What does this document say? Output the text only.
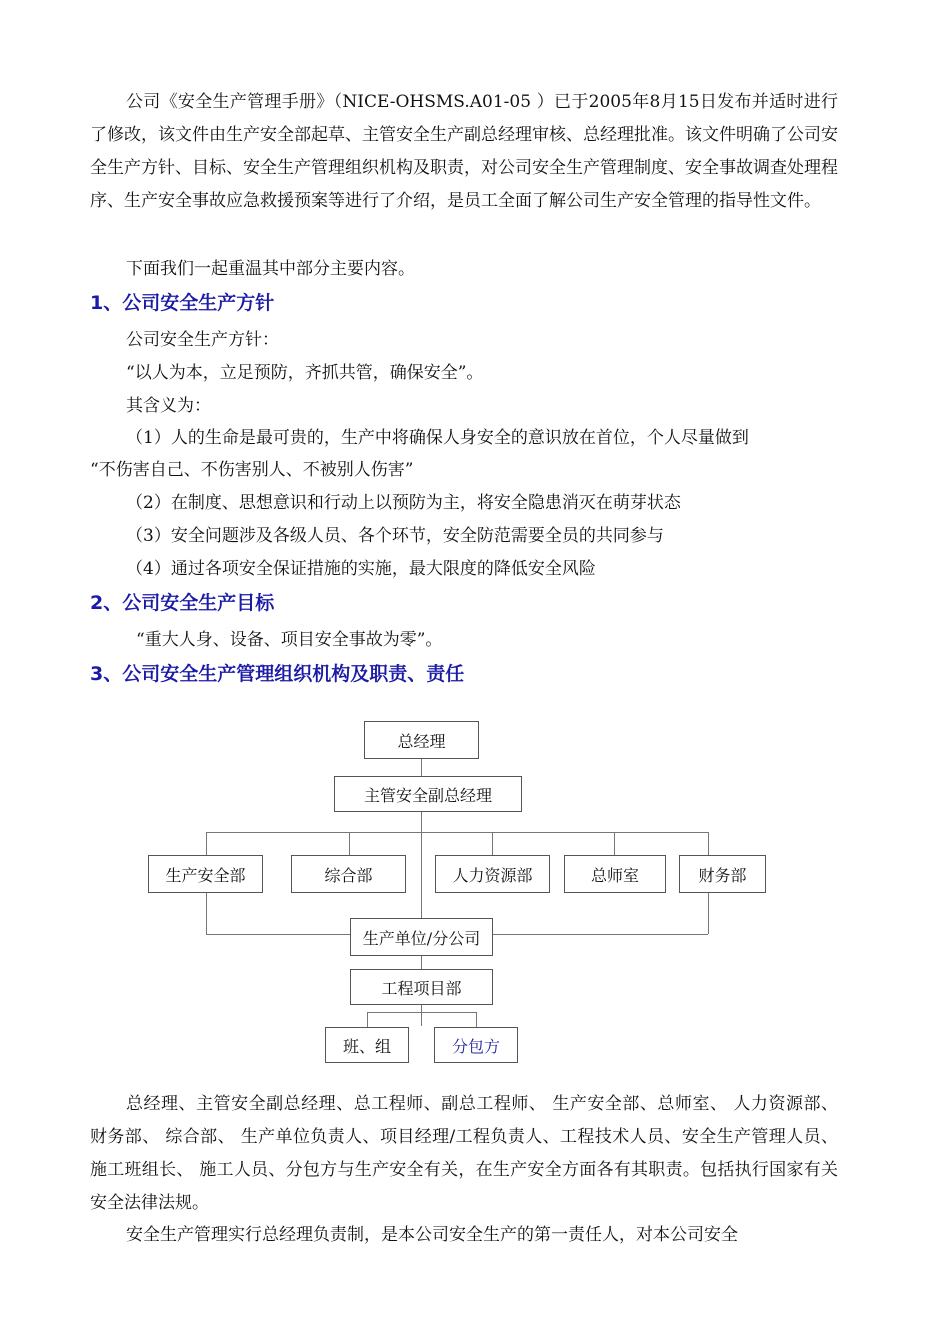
公司《安全生产管理手册》（NICE-OHSMS.A01-05 ）已于2005年8月15日发布并适时进行了修改，该文件由生产安全部起草、主管安全生产副总经理审核、总经理批准。该文件明确了公司安全生产方针、目标、安全生产管理组织机构及职责，对公司安全生产管理制度、安全事故调查处理程序、生产安全事故应急救援预案等进行了介绍，是员工全面了解公司生产安全管理的指导性文件。

下面我们一起重温其中部分主要内容。
1、公司安全生产方针
公司安全生产方针：
“以人为本，立足预防，齐抓共管，确保安全”。
其含义为：
（1）人的生命是最可贵的，生产中将确保人身安全的意识放在首位，个人尽量做到
“不伤害自己、不伤害别人、不被别人伤害”
（2）在制度、思想意识和行动上以预防为主，将安全隐患消灭在萌芽状态
（3）安全问题涉及各级人员、各个环节，安全防范需要全员的共同参与
（4）通过各项安全保证措施的实施，最大限度的降低安全风险
2、公司安全生产目标
“重大人身、设备、项目安全事故为零”。
3、公司安全生产管理组织机构及职责、责任
总经理
主管安全副总经理
生产安全部	综合部	人力资源部	总师室	财务部
生产单位/分公司
工程项目部
班、组	分包方

总经理、主管安全副总经理、总工程师、副总工程师、 生产安全部、总师室、 人力资源部、 财务部、 综合部、 生产单位负责人、项目经理/工程负责人、工程技术人员、安全生产管理人员、 施工班组长、 施工人员、分包方与生产安全有关，在生产安全方面各有其职责。包括执行国家有关安全法律法规。

安全生产管理实行总经理负责制，是本公司安全生产的第一责任人，对本公司安全
